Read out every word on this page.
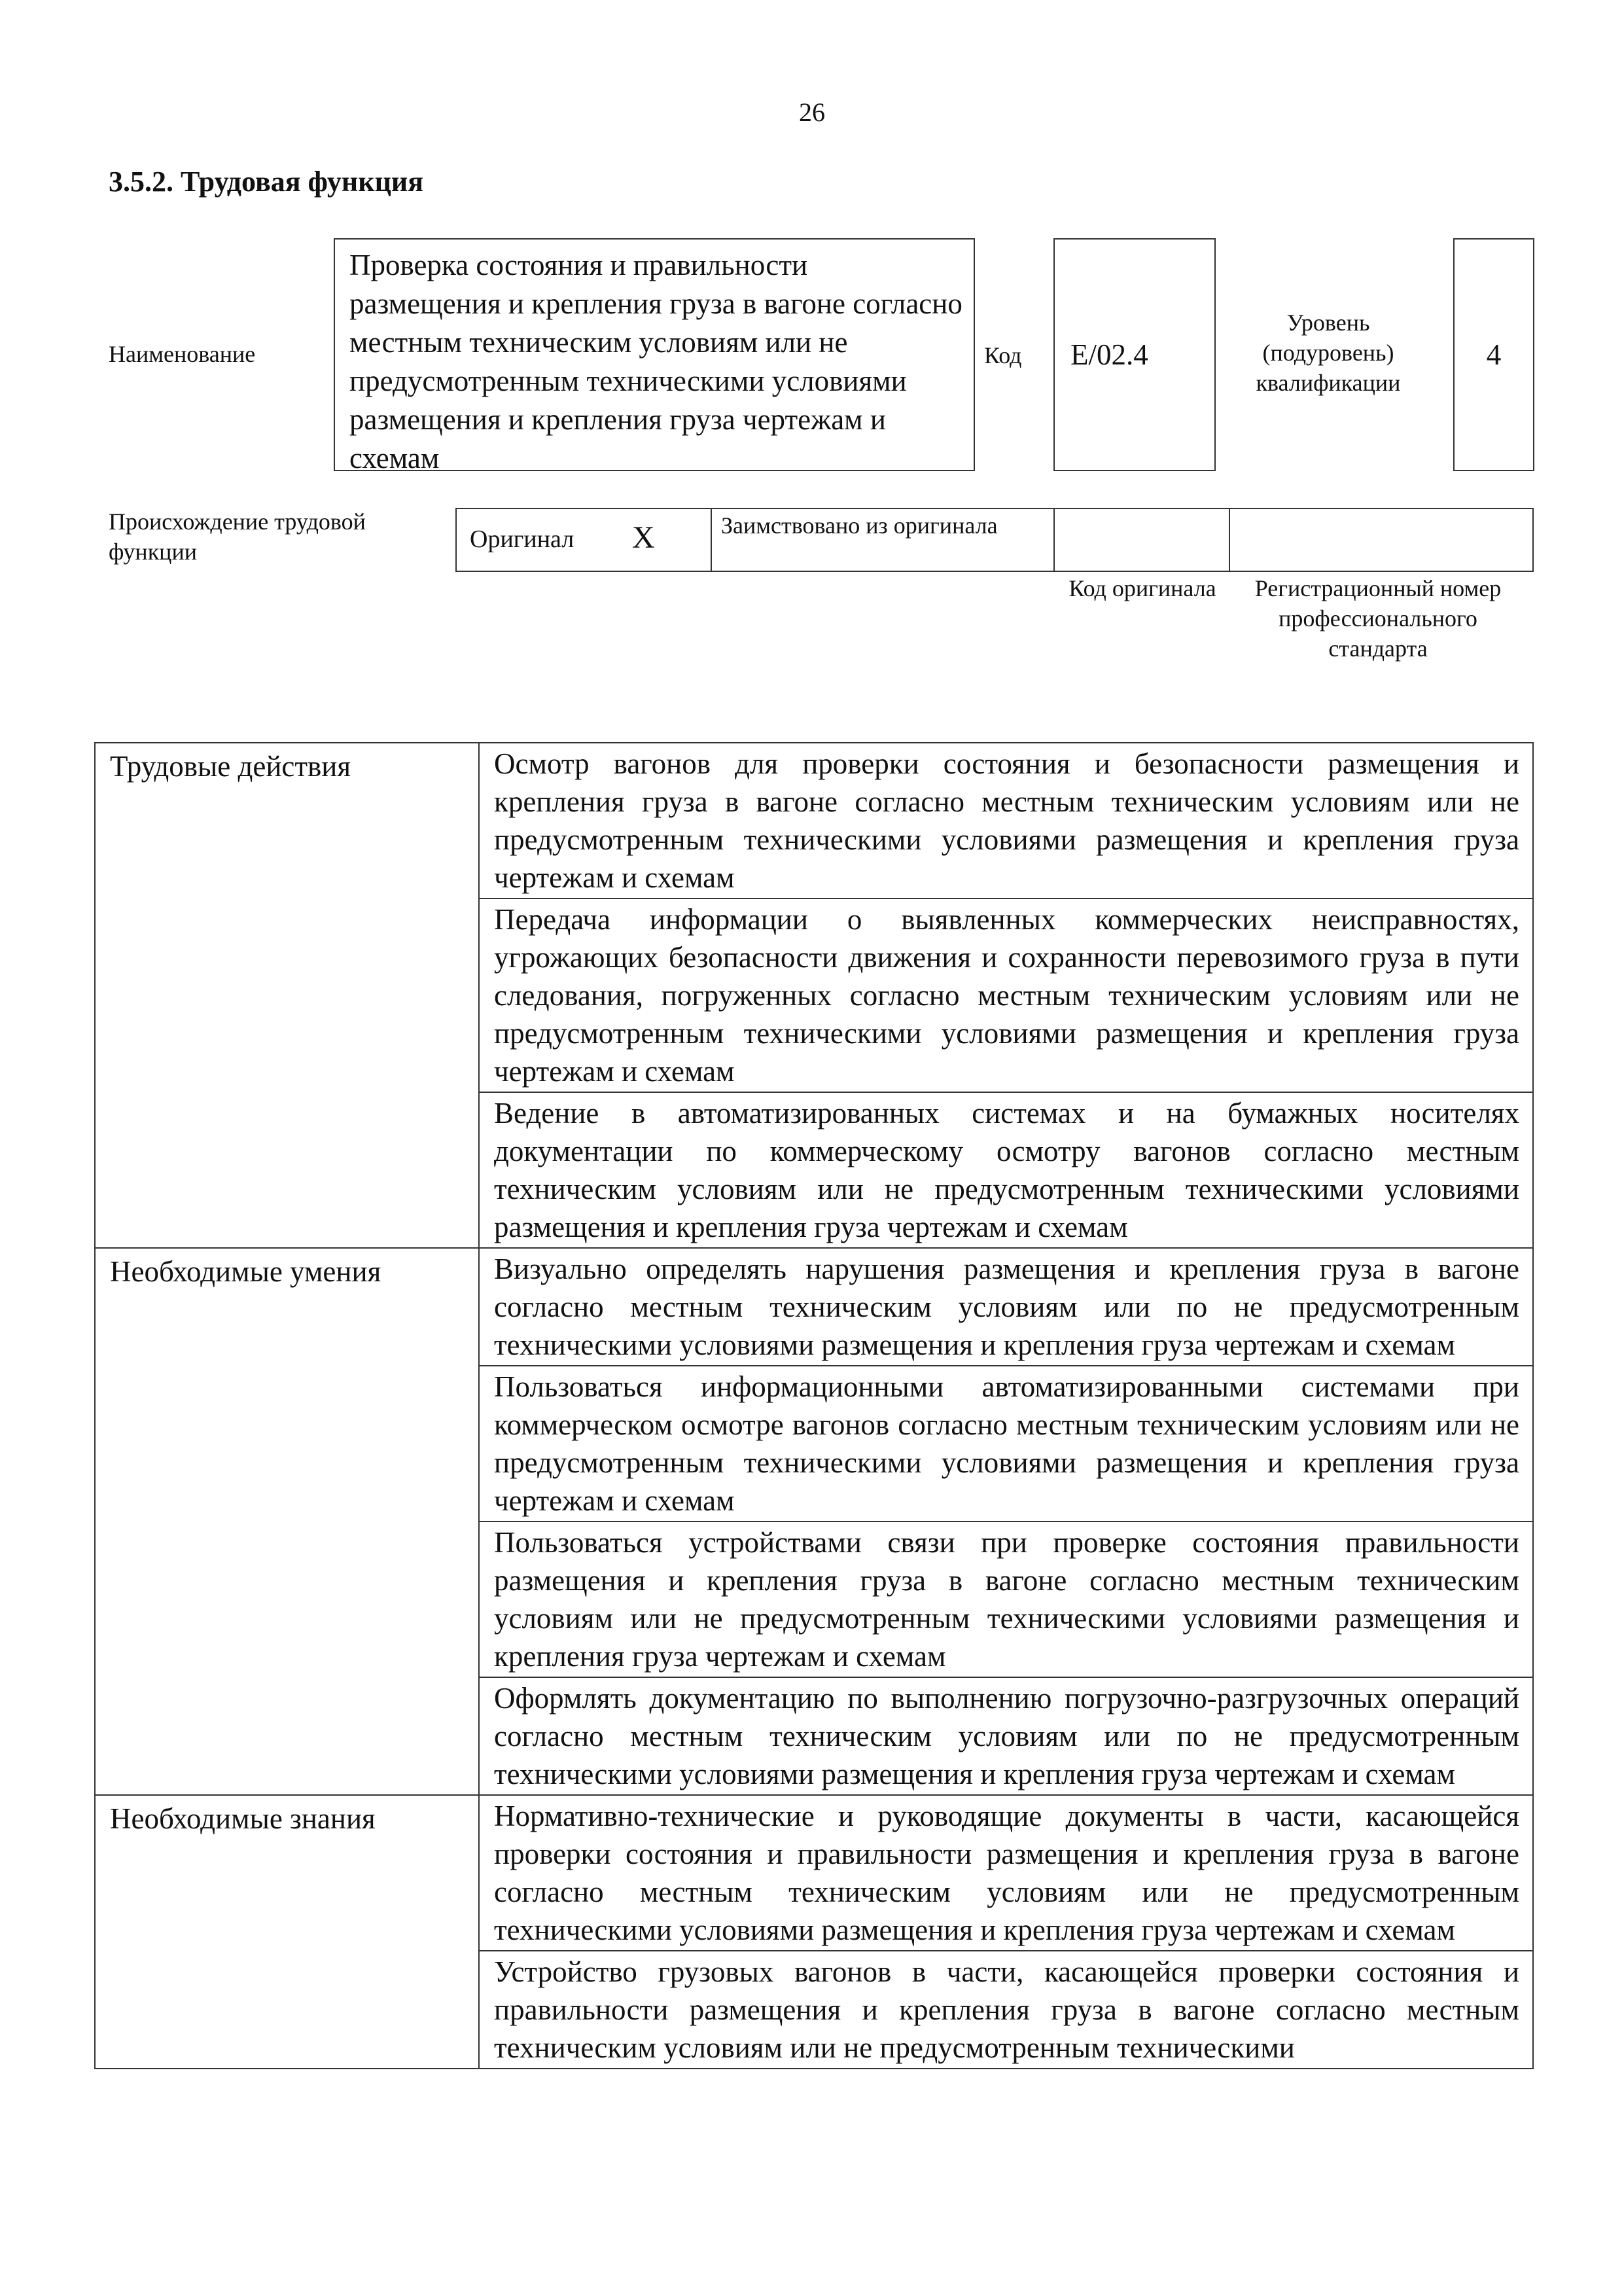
26
3.5.2. Трудовая функция
Наименование
Проверка состояния и правильности размещения и крепления груза в вагоне согласно местным техническим условиям или не предусмотренным техническими условиями размещения и крепления груза чертежам и схемам
Код E/02.4
Уровень (подуровень) квалификации
4
Происхождение трудовой функции	Оригинал X	Заимствовано из оригинала
Код оригинала	Регистрационный номер профессионального стандарта
Трудовые действия	Осмотр вагонов для проверки состояния и безопасности размещения и крепления груза в вагоне согласно местным техническим условиям или не предусмотренным техническими условиями размещения и крепления груза чертежам и схемам
	Передача информации о выявленных коммерческих неисправностях, угрожающих безопасности движения и сохранности перевозимого груза в пути следования, погруженных согласно местным техническим условиям или не предусмотренным техническими условиями размещения и крепления груза чертежам и схемам
	Ведение в автоматизированных системах и на бумажных носителях документации по коммерческому осмотру вагонов согласно местным техническим условиям или не предусмотренным техническими условиями размещения и крепления груза чертежам и схемам
Необходимые умения	Визуально определять нарушения размещения и крепления груза в вагоне согласно местным техническим условиям или по не предусмотренным техническими условиями размещения и крепления груза чертежам и схемам
	Пользоваться информационными автоматизированными системами при коммерческом осмотре вагонов согласно местным техническим условиям или не предусмотренным техническими условиями размещения и крепления груза чертежам и схемам
	Пользоваться устройствами связи при проверке состояния правильности размещения и крепления груза в вагоне согласно местным техническим условиям или не предусмотренным техническими условиями размещения и крепления груза чертежам и схемам
	Оформлять документацию по выполнению погрузочно-разгрузочных операций согласно местным техническим условиям или по не предусмотренным техническими условиями размещения и крепления груза чертежам и схемам
Необходимые знания	Нормативно-технические и руководящие документы в части, касающейся проверки состояния и правильности размещения и крепления груза в вагоне согласно местным техническим условиям или не предусмотренным техническими условиями размещения и крепления груза чертежам и схемам
	Устройство грузовых вагонов в части, касающейся проверки состояния и правильности размещения и крепления груза в вагоне согласно местным техническим условиям или не предусмотренным техническими
